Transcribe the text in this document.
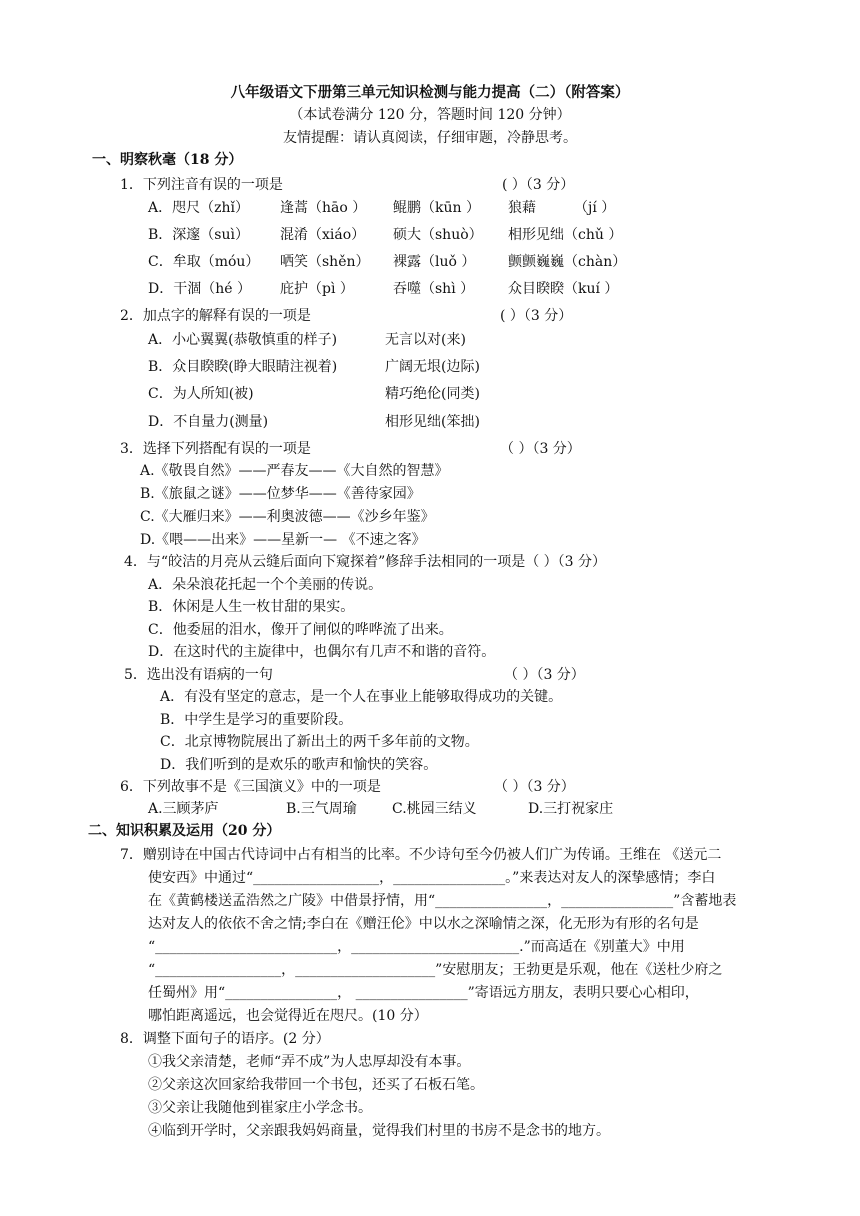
八年级语文下册第三单元知识检测与能力提高（二）（附答案）
（本试卷满分 120 分，答题时间 120 分钟）
友情提醒：请认真阅读，仔细审题，冷静思考。
一、明察秋毫（18 分）
1．下列注音有误的一项是	( ）（3 分）
A．咫尺（zhǐ） 逢蒿（hāo ） 鲲鹏（kūn ） 狼藉	（jí ）
B．深邃（suì） 混淆（xiáo） 硕大（shuò） 相形见绌（chǔ ）
C．牟取（móu） 哂笑（shěn） 裸露（luǒ ） 颤颤巍巍（chàn）
D．干涸（hé ） 庇护（pì ）	吞噬（shì ） 众目睽睽（kuí ）
2．加点字的解释有误的一项是	( ）（3 分）
A．小心翼翼(恭敬慎重的样子)	无言以对(来)
B．众目睽睽(睁大眼睛注视着)	广阔无垠(边际)
C．为人所知(被)	精巧绝伦(同类)
D．不自量力(测量)	相形见绌(笨拙)
3．选择下列搭配有误的一项是	（ ）（3 分）
A.《敬畏自然》——严春友——《大自然的智慧》
B.《旅鼠之谜》——位梦华——《善待家园》
C.《大雁归来》——利奥波德——《沙乡年鉴》
D.《喂——出来》——星新一— 《不速之客》
4．与“皎洁的月亮从云缝后面向下窥探着”修辞手法相同的一项是（ ）（3 分）
A．朵朵浪花托起一个个美丽的传说。
B．休闲是人生一枚甘甜的果实。
C．他委屈的泪水，像开了闸似的哗哗流了出来。
D．在这时代的主旋律中，也偶尔有几声不和谐的音符。
5．选出没有语病的一句	（ ）（3 分）
A．有没有坚定的意志，是一个人在事业上能够取得成功的关键。
B．中学生是学习的重要阶段。
C．北京博物院展出了新出土的两千多年前的文物。
D．我们听到的是欢乐的歌声和愉快的笑容。
6．下列故事不是《三国演义》中的一项是	（ ）（3 分）
A.三顾茅庐	B.三气周瑜	C.桃园三结义	D.三打祝家庄
二、知识积累及运用（20 分）
7．赠别诗在中国古代诗词中占有相当的比率。不少诗句至今仍被人们广为传诵。王维在 《送元二
使安西》中通过“__________________，________________。”来表达对友人的深挚感情；李白
在《黄鹤楼送孟浩然之广陵》中借景抒情，用“________________，________________”含蓄地表
达对友人的依依不舍之情;李白在《赠汪伦》中以水之深喻情之深，化无形为有形的名句是
“__________________________，________________________.”而高适在《别董大》中用
“__________________，____________________”安慰朋友；王勃更是乐观，他在《送杜少府之
任蜀州》用“________________， ________________”寄语远方朋友，表明只要心心相印，
哪怕距离遥远，也会觉得近在咫尺。(10 分）
8．调整下面句子的语序。(2 分）
①我父亲清楚，老师“弄不成”为人忠厚却没有本事。
②父亲这次回家给我带回一个书包，还买了石板石笔。
③父亲让我随他到崔家庄小学念书。
④临到开学时，父亲跟我妈妈商量，觉得我们村里的书房不是念书的地方。
